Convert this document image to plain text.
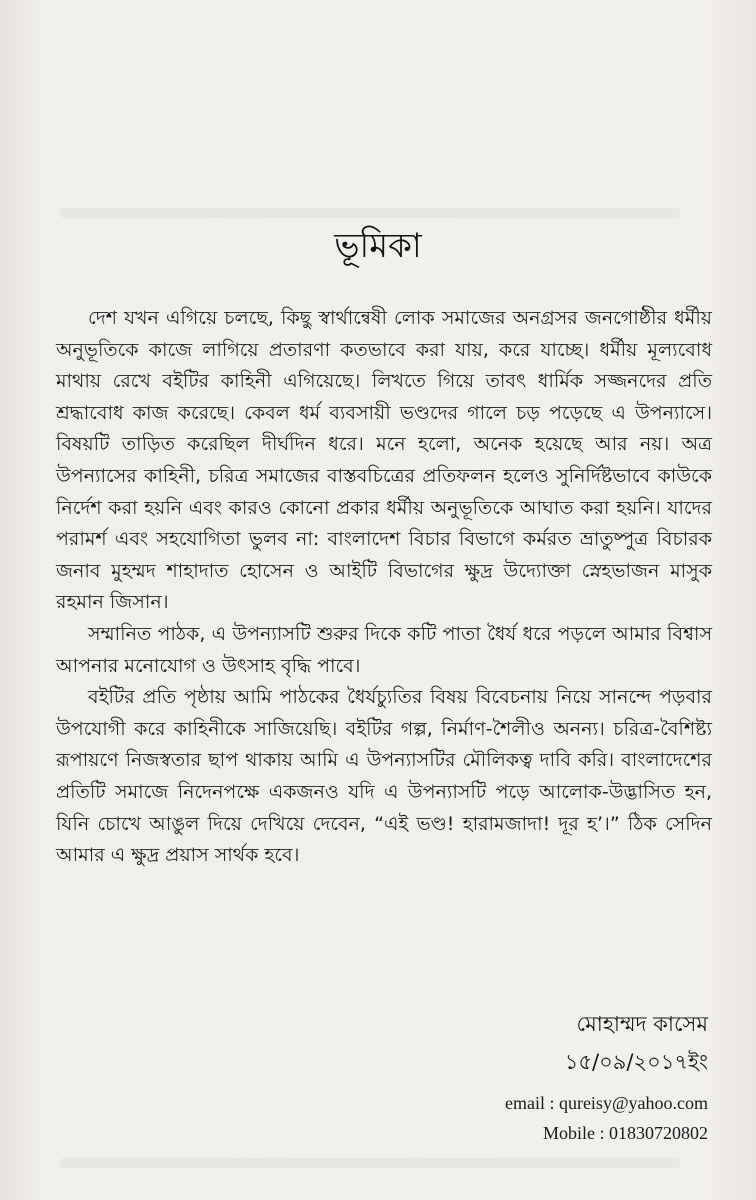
ভূমিকা

দেশ যখন এগিয়ে চলছে, কিছু স্বার্থান্বেষী লোক সমাজের অনগ্রসর জনগোষ্ঠীর ধর্মীয় অনুভূতিকে কাজে লাগিয়ে প্রতারণা কতভাবে করা যায়, করে যাচ্ছে। ধর্মীয় মূল্যবোধ মাথায় রেখে বইটির কাহিনী এগিয়েছে। লিখতে গিয়ে তাবৎ ধার্মিক সজ্জনদের প্রতি শ্রদ্ধাবোধ কাজ করেছে। কেবল ধর্ম ব্যবসায়ী ভণ্ডদের গালে চড় পড়েছে এ উপন্যাসে। বিষয়টি তাড়িত করেছিল দীর্ঘদিন ধরে। মনে হলো, অনেক হয়েছে আর নয়। অত্র উপন্যাসের কাহিনী, চরিত্র সমাজের বাস্তবচিত্রের প্রতিফলন হলেও সুনির্দিষ্টভাবে কাউকে নির্দেশ করা হয়নি এবং কারও কোনো প্রকার ধর্মীয় অনুভূতিকে আঘাত করা হয়নি। যাদের পরামর্শ এবং সহযোগিতা ভুলব না: বাংলাদেশ বিচার বিভাগে কর্মরত ভ্রাতুষ্পুত্র বিচারক জনাব মুহম্মদ শাহাদাত হোসেন ও আইটি বিভাগের ক্ষুদ্র উদ্যোক্তা স্নেহভাজন মাসুক রহমান জিসান।

সম্মানিত পাঠক, এ উপন্যাসটি শুরুর দিকে কটি পাতা ধৈর্য ধরে পড়লে আমার বিশ্বাস আপনার মনোযোগ ও উৎসাহ বৃদ্ধি পাবে।

বইটির প্রতি পৃষ্ঠায় আমি পাঠকের ধৈর্যচ্যুতির বিষয় বিবেচনায় নিয়ে সানন্দে পড়বার উপযোগী করে কাহিনীকে সাজিয়েছি। বইটির গল্প, নির্মাণ-শৈলীও অনন্য। চরিত্র-বৈশিষ্ট্য রূপায়ণে নিজস্বতার ছাপ থাকায় আমি এ উপন্যাসটির মৌলিকত্ব দাবি করি। বাংলাদেশের প্রতিটি সমাজে নিদেনপক্ষে একজনও যদি এ উপন্যাসটি পড়ে আলোক-উদ্ভাসিত হন, যিনি চোখে আঙুল দিয়ে দেখিয়ে দেবেন, “এই ভণ্ড! হারামজাদা! দূর হ’।” ঠিক সেদিন আমার এ ক্ষুদ্র প্রয়াস সার্থক হবে।

মোহাম্মদ কাসেম
১৫/০৯/২০১৭ইং
email : qureisy@yahoo.com
Mobile : 01830720802
